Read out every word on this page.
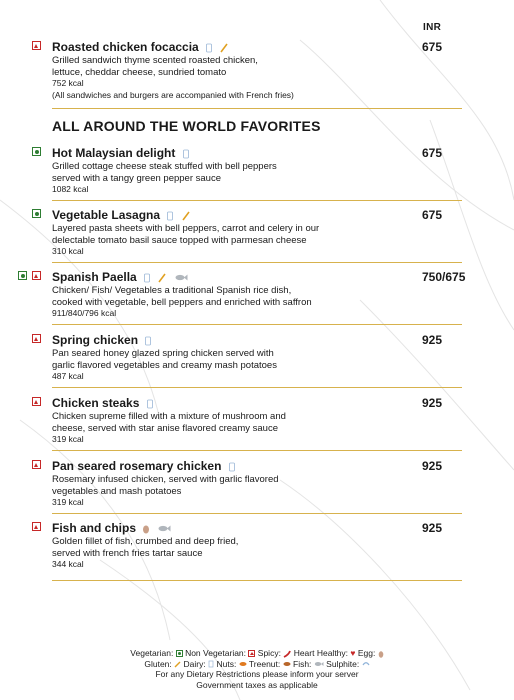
INR
Roasted chicken focaccia	675
Grilled sandwich thyme scented roasted chicken,
lettuce, cheddar cheese, sundried tomato
752 kcal
(All sandwiches and burgers are accompanied with French fries)
ALL AROUND THE WORLD FAVORITES
Hot Malaysian delight	675
Grilled cottage cheese steak stuffed with bell peppers
served with a tangy green pepper sauce
1082 kcal
Vegetable Lasagna	675
Layered pasta sheets with bell peppers, carrot and celery in our
delectable tomato basil sauce topped with parmesan cheese
310 kcal
Spanish Paella	750/675
Chicken/ Fish/ Vegetables a traditional Spanish rice dish,
cooked with vegetable, bell peppers and enriched with saffron
911/840/796 kcal
Spring chicken	925
Pan seared honey glazed spring chicken served with
garlic flavored vegetables and creamy mash potatoes
487 kcal
Chicken steaks	925
Chicken supreme filled with a mixture of mushroom and
cheese, served with star anise flavored creamy sauce
319 kcal
Pan seared rosemary chicken	925
Rosemary infused chicken, served with garlic flavored
vegetables and mash potatoes
319 kcal
Fish and chips	925
Golden fillet of fish, crumbed and deep fried,
served with french fries tartar sauce
344 kcal
Vegetarian: Non Vegetarian: Spicy: Heart Healthy: ♥ Egg:
Gluten: Dairy: Nuts: Treenut: Fish: Sulphite:
For any Dietary Restrictions please inform your server
Government taxes as applicable
